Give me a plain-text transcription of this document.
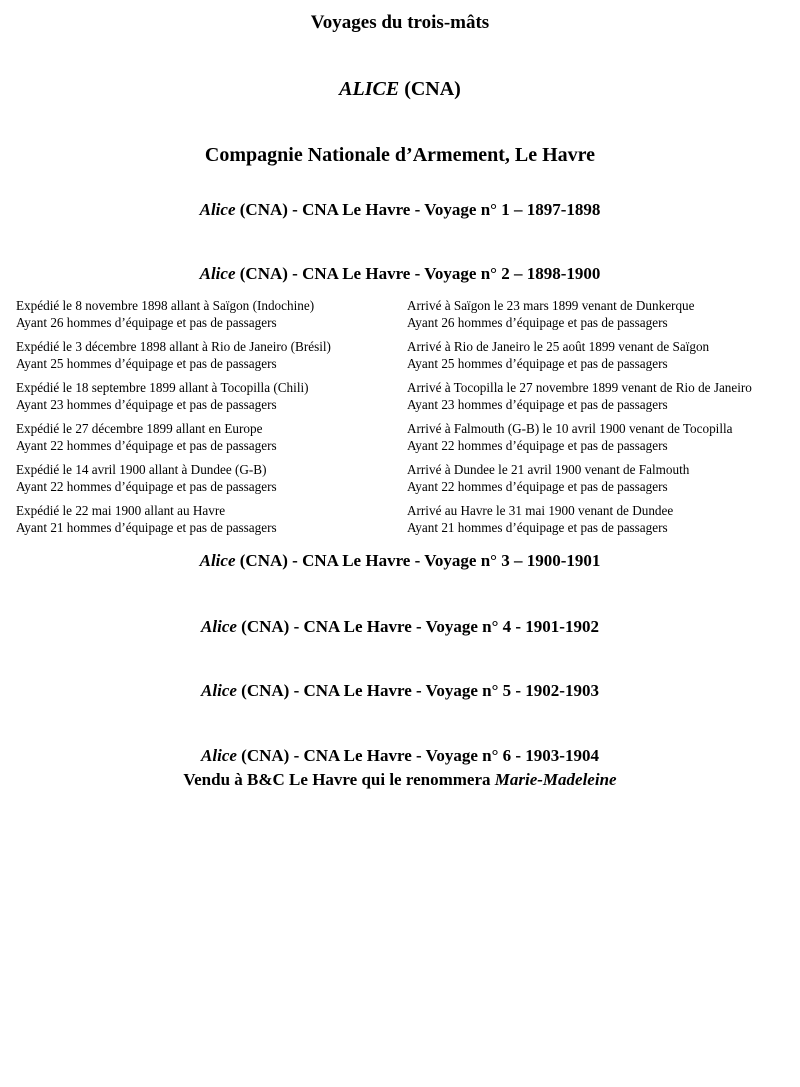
Voyages du trois-mâts
ALICE (CNA)
Compagnie Nationale d’Armement, Le Havre
Alice (CNA) - CNA Le Havre - Voyage n° 1 – 1897-1898
Alice (CNA) - CNA Le Havre - Voyage n° 2 – 1898-1900
Expédié le 8 novembre 1898 allant à Saïgon (Indochine)
Ayant 26 hommes d’équipage et pas de passagers
Arrivé à Saïgon le 23 mars 1899 venant de Dunkerque
Ayant 26 hommes d’équipage et pas de passagers
Expédié le 3 décembre 1898 allant à Rio de Janeiro (Brésil)
Ayant 25 hommes d’équipage et pas de passagers
Arrivé à Rio de Janeiro le 25 août 1899 venant de Saïgon
Ayant 25 hommes d’équipage et pas de passagers
Expédié le 18 septembre 1899 allant à Tocopilla (Chili)
Ayant 23 hommes d’équipage et pas de passagers
Arrivé à Tocopilla le 27 novembre 1899 venant de Rio de Janeiro
Ayant 23 hommes d’équipage et pas de passagers
Expédié le 27 décembre 1899 allant en Europe
Ayant 22 hommes d’équipage et pas de passagers
Arrivé à Falmouth (G-B) le 10 avril 1900 venant de Tocopilla
Ayant 22 hommes d’équipage et pas de passagers
Expédié le 14 avril 1900 allant à Dundee (G-B)
Ayant 22 hommes d’équipage et pas de passagers
Arrivé à Dundee le 21 avril 1900 venant de Falmouth
Ayant 22 hommes d’équipage et pas de passagers
Expédié le 22 mai 1900 allant au Havre
Ayant 21 hommes d’équipage et pas de passagers
Arrivé au Havre le 31 mai 1900 venant de Dundee
Ayant 21 hommes d’équipage et pas de passagers
Alice (CNA) - CNA Le Havre - Voyage n° 3 – 1900-1901
Alice (CNA) - CNA Le Havre - Voyage n° 4 - 1901-1902
Alice (CNA) - CNA Le Havre - Voyage n° 5 - 1902-1903
Alice (CNA) - CNA Le Havre - Voyage n° 6 - 1903-1904
Vendu à B&C Le Havre qui le renommera Marie-Madeleine
